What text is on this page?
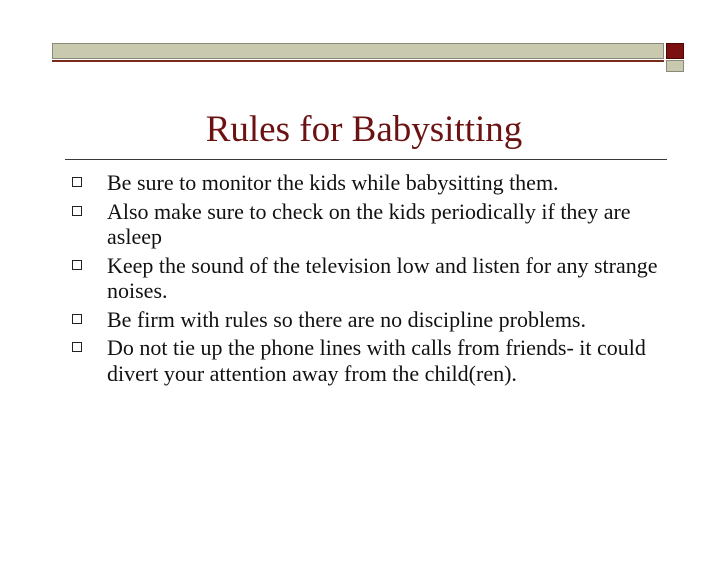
Rules for Babysitting
Be sure to monitor the kids while babysitting them.
Also make sure to check on the kids periodically if they are asleep
Keep the sound of the television low and listen for any strange noises.
Be firm with rules so there are no discipline problems.
Do not tie up the phone lines with calls from friends- it could divert your attention away from the child(ren).
